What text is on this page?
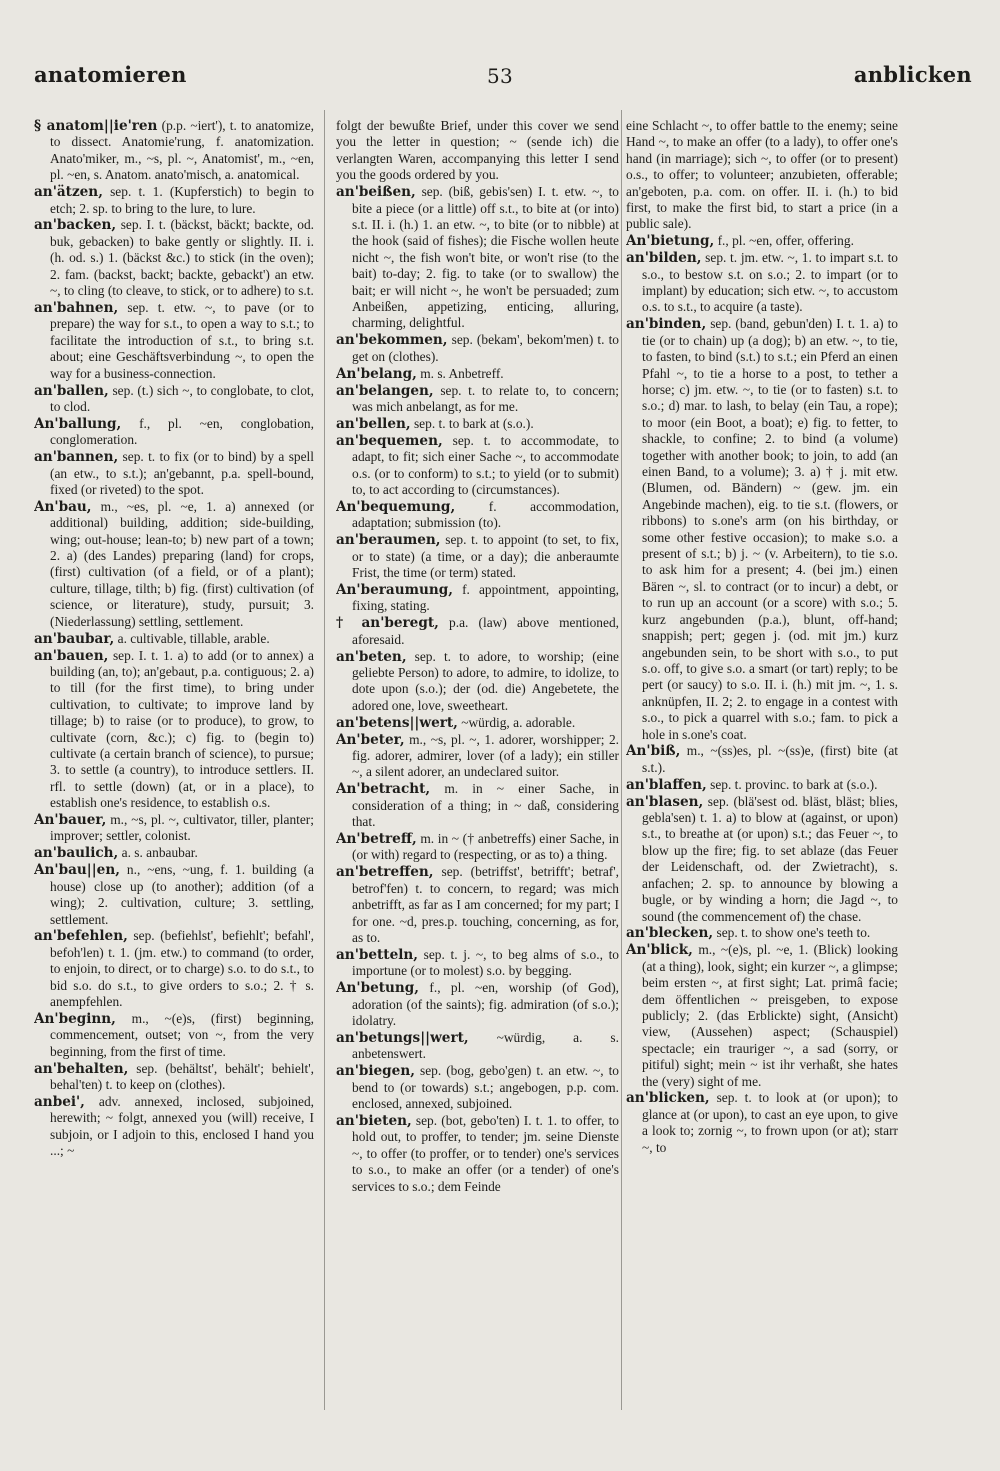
anatomieren	53	anblicken

§ anatom||ie'ren (p.p. ~iert'), t. to anatomize, to dissect. Anatomie'rung, f. anatomization. Anato'miker, m., ~s, pl. ~, Anatomist', m., ~en, pl. ~en, s. Anatom. anato'misch, a. anatomical.

an'ätzen, sep. t. 1. (Kupferstich) to begin to etch; 2. sp. to bring to the lure, to lure.

an'backen, sep. I. t. (bäckst, bäckt; backte, od. buk, gebacken) to bake gently or slightly. II. i. (h. od. s.) 1. (bäckst &c.) to stick (in the oven); 2. fam. (backst, backt; backte, gebackt') an etw. ~, to cling (to cleave, to stick, or to adhere) to s.t.

an'bahnen, sep. t. etw. ~, to pave (or to prepare) the way for s.t., to open a way to s.t.; to facilitate the introduction of s.t., to bring s.t. about; eine Geschäftsverbindung ~, to open the way for a business-connection.

an'ballen, sep. (t.) sich ~, to conglobate, to clot, to clod.

An'ballung, f., pl. ~en, conglobation, conglomeration.

an'bannen, sep. t. to fix (or to bind) by a spell (an etw., to s.t.); an'gebannt, p.a. spell-bound, fixed (or riveted) to the spot.

An'bau, m., ~es, pl. ~e, 1. a) annexed (or additional) building, addition; side-building, wing; out-house; lean-to; b) new part of a town; 2. a) (des Landes) preparing (land) for crops, (first) cultivation (of a field, or of a plant); culture, tillage, tilth; b) fig. (first) cultivation (of science, or literature), study, pursuit; 3. (Niederlassung) settling, settlement.

an'baubar, a. cultivable, tillable, arable.

an'bauen, sep. I. t. 1. a) to add (or to annex) a building (an, to); an'gebaut, p.a. contiguous; 2. a) to till (for the first time), to bring under cultivation, to cultivate; to improve land by tillage; b) to raise (or to produce), to grow, to cultivate (corn, &c.); c) fig. to (begin to) cultivate (a certain branch of science), to pursue; 3. to settle (a country), to introduce settlers. II. rfl. to settle (down) (at, or in a place), to establish one's residence, to establish o.s.

An'bauer, m., ~s, pl. ~, cultivator, tiller, planter; improver; settler, colonist.

an'baulich, a. s. anbaubar.

An'bau||en, n., ~ens, ~ung, f. 1. building (a house) close up (to another); addition (of a wing); 2. cultivation, culture; 3. settling, settlement.

an'befehlen, sep. (befiehlst', befiehlt'; befahl', befoh'len) t. 1. (jm. etw.) to command (to order, to enjoin, to direct, or to charge) s.o. to do s.t., to bid s.o. do s.t., to give orders to s.o.; 2. † s. anempfehlen.

An'beginn, m., ~(e)s, (first) beginning, commencement, outset; von ~, from the very beginning, from the first of time.

an'behalten, sep. (behältst', behält'; behielt', behal'ten) t. to keep on (clothes).

anbei', adv. annexed, inclosed, subjoined, herewith; ~ folgt, annexed you (will) receive, I subjoin, or I adjoin to this, enclosed I hand you ...; ~

folgt der bewußte Brief, under this cover we send you the letter in question; ~ (sende ich) die verlangten Waren, accompanying this letter I send you the goods ordered by you.

an'beißen, sep. (biß, gebis'sen) I. t. etw. ~, to bite a piece (or a little) off s.t., to bite at (or into) s.t. II. i. (h.) 1. an etw. ~, to bite (or to nibble) at the hook (said of fishes); die Fische wollen heute nicht ~, the fish won't bite, or won't rise (to the bait) to-day; 2. fig. to take (or to swallow) the bait; er will nicht ~, he won't be persuaded; zum Anbeißen, appetizing, enticing, alluring, charming, delightful.

an'bekommen, sep. (bekam', bekom'men) t. to get on (clothes).

An'belang, m. s. Anbetreff.

an'belangen, sep. t. to relate to, to concern; was mich anbelangt, as for me.

an'bellen, sep. t. to bark at (s.o.).

an'bequemen, sep. t. to accommodate, to adapt, to fit; sich einer Sache ~, to accommodate o.s. (or to conform) to s.t.; to yield (or to submit) to, to act according to (circumstances).

An'bequemung,	f. accommodation, adaptation; submission (to).

an'beraumen, sep. t. to appoint (to set, to fix, or to state) (a time, or a day); die anberaumte Frist, the time (or term) stated.

An'beraumung, f. appointment, appointing, fixing, stating.

† an'beregt, p.a. (law) above mentioned, aforesaid.

an'beten, sep. t. to adore, to worship; (eine geliebte Person) to adore, to admire, to idolize, to dote upon (s.o.); der (od. die) Angebetete, the adored one, love, sweetheart.

an'betens||wert, ~würdig, a. adorable.

An'beter, m., ~s, pl. ~, 1. adorer, worshipper; 2. fig. adorer, admirer, lover (of a lady); ein stiller ~, a silent adorer, an undeclared suitor.

An'betracht, m. in ~ einer Sache, in consideration of a thing; in ~ daß, considering that.

An'betreff, m. in ~ († anbetreffs) einer Sache, in (or with) regard to (respecting, or as to) a thing.

an'betreffen, sep. (betriffst', betrifft'; betraf', betrof'fen) t. to concern, to regard; was mich anbetrifft, as far as I am concerned; for my part; I for one. ~d, pres.p. touching, concerning, as for, as to.

an'betteln, sep. t. j. ~, to beg alms of s.o., to importune (or to molest) s.o. by begging.

An'betung, f., pl. ~en, worship (of God), adoration (of the saints); fig. admiration (of s.o.); idolatry.

an'betungs||wert, ~würdig, a. s. anbetenswert.

an'biegen, sep. (bog, gebo'gen) t. an etw. ~, to bend to (or towards) s.t.; angebogen, p.p. com. enclosed, annexed, subjoined.

an'bieten, sep. (bot, gebo'ten) I. t. 1. to offer, to hold out, to proffer, to tender; jm. seine Dienste ~, to offer (to proffer, or to tender) one's services to s.o., to make an offer (or a tender) of one's services to s.o.; dem Feinde

eine Schlacht ~, to offer battle to the enemy; seine Hand ~, to make an offer (to a lady), to offer one's hand (in marriage); sich ~, to offer (or to present) o.s., to offer; to volunteer; anzubieten, offerable; an'geboten, p.a. com. on offer. II. i. (h.) to bid first, to make the first bid, to start a price (in a public sale).

An'bietung, f., pl. ~en, offer, offering.

an'bilden, sep. t. jm. etw. ~, 1. to impart s.t. to s.o., to bestow s.t. on s.o.; 2. to impart (or to implant) by education; sich etw. ~, to accustom o.s. to s.t., to acquire (a taste).

an'binden, sep. (band, gebun'den) I. t. 1. a) to tie (or to chain) up (a dog); b) an etw. ~, to tie, to fasten, to bind (s.t.) to s.t.; ein Pferd an einen Pfahl ~, to tie a horse to a post, to tether a horse; c) jm. etw. ~, to tie (or to fasten) s.t. to s.o.; d) mar. to lash, to belay (ein Tau, a rope); to moor (ein Boot, a boat); e) fig. to fetter, to shackle, to confine; 2. to bind (a volume) together with another book; to join, to add (an einen Band, to a volume); 3. a) † j. mit etw. (Blumen, od. Bändern) ~ (gew. jm. ein Angebinde machen), eig. to tie s.t. (flowers, or ribbons) to s.one's arm (on his birthday, or some other festive occasion); to make s.o. a present of s.t.; b) j. ~ (v. Arbeitern), to tie s.o. to ask him for a present; 4. (bei jm.) einen Bären ~, sl. to contract (or to incur) a debt, or to run up an account (or a score) with s.o.; 5. kurz angebunden (p.a.), blunt, off-hand; snappish; pert; gegen j. (od. mit jm.) kurz angebunden sein, to be short with s.o., to put s.o. off, to give s.o. a smart (or tart) reply; to be pert (or saucy) to s.o. II. i. (h.) mit jm. ~, 1. s. anknüpfen, II. 2; 2. to engage in a contest with s.o., to pick a quarrel with s.o.; fam. to pick a hole in s.one's coat.

An'biß, m., ~(ss)es, pl. ~(ss)e, (first) bite (at s.t.).

an'blaffen, sep. t. provinc. to bark at (s.o.).

an'blasen, sep. (blä'sest od. bläst, bläst; blies, gebla'sen) t. 1. a) to blow at (against, or upon) s.t., to breathe at (or upon) s.t.; das Feuer ~, to blow up the fire; fig. to set ablaze (das Feuer der Leidenschaft, od. der Zwietracht), s. anfachen; 2. sp. to announce by blowing a bugle, or by winding a horn; die Jagd ~, to sound (the commencement of) the chase.

an'blecken, sep. t. to show one's teeth to.

An'blick, m., ~(e)s, pl. ~e, 1. (Blick) looking (at a thing), look, sight; ein kurzer ~, a glimpse; beim ersten ~, at first sight; Lat. primâ facie; dem öffentlichen ~ preisgeben, to expose publicly; 2. (das Erblickte) sight, (Ansicht) view, (Aussehen) aspect; (Schauspiel) spectacle; ein trauriger ~, a sad (sorry, or pitiful) sight; mein ~ ist ihr verhaßt, she hates the (very) sight of me.

an'blicken, sep. t. to look at (or upon); to glance at (or upon), to cast an eye upon, to give a look to; zornig ~, to frown upon (or at); starr ~, to
